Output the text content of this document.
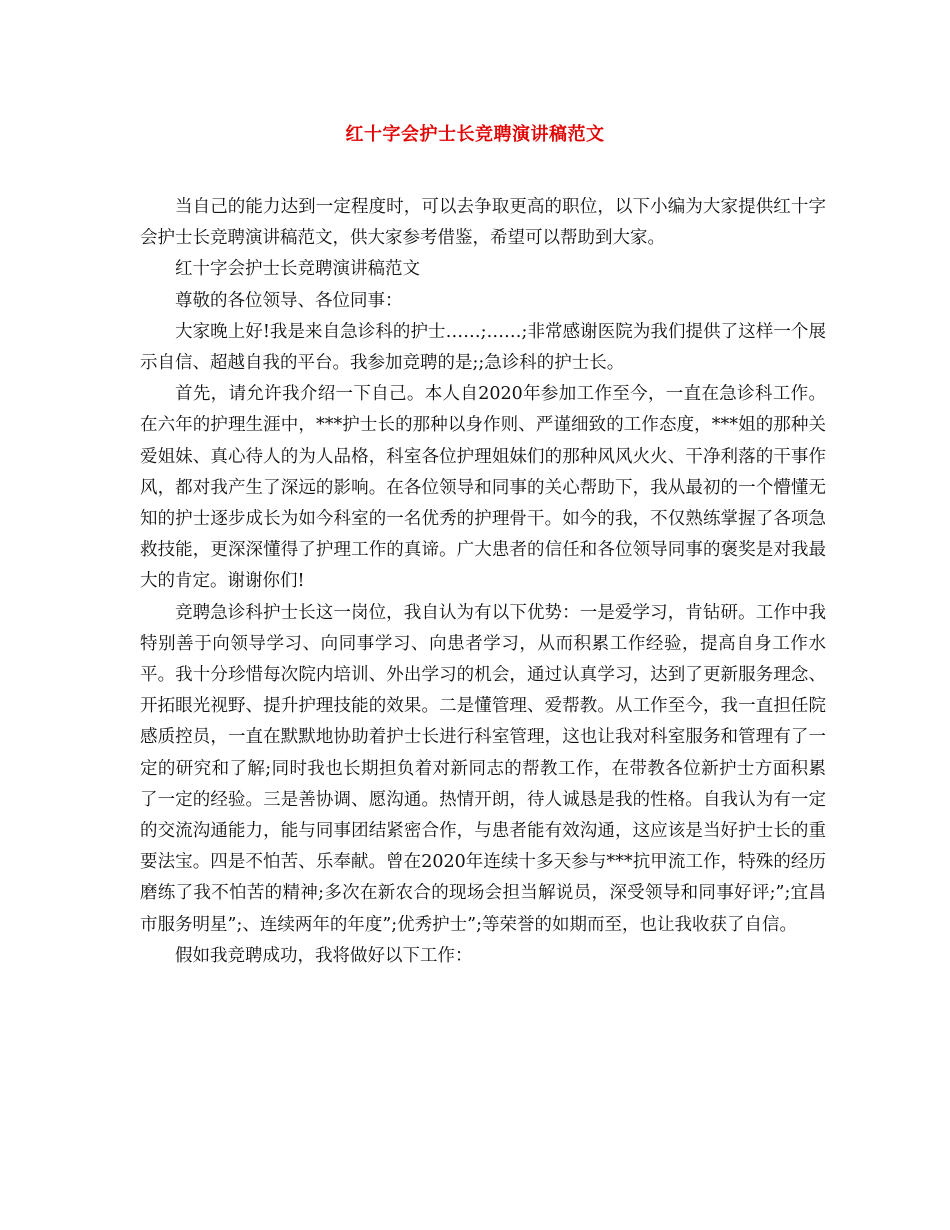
红十字会护士长竞聘演讲稿范文

当自己的能力达到一定程度时，可以去争取更高的职位，以下小编为大家提供红十字会护士长竞聘演讲稿范文，供大家参考借鉴，希望可以帮助到大家。

红十字会护士长竞聘演讲稿范文

尊敬的各位领导、各位同事：

大家晚上好!我是来自急诊科的护士……;……;非常感谢医院为我们提供了这样一个展示自信、超越自我的平台。我参加竞聘的是;;急诊科的护士长。

首先，请允许我介绍一下自己。本人自2020年参加工作至今，一直在急诊科工作。在六年的护理生涯中，***护士长的那种以身作则、严谨细致的工作态度，***姐的那种关爱姐妹、真心待人的为人品格，科室各位护理姐妹们的那种风风火火、干净利落的干事作风，都对我产生了深远的影响。在各位领导和同事的关心帮助下，我从最初的一个懵懂无知的护士逐步成长为如今科室的一名优秀的护理骨干。如今的我，不仅熟练掌握了各项急救技能，更深深懂得了护理工作的真谛。广大患者的信任和各位领导同事的褒奖是对我最大的肯定。谢谢你们!

竞聘急诊科护士长这一岗位，我自认为有以下优势：一是爱学习，肯钻研。工作中我特别善于向领导学习、向同事学习、向患者学习，从而积累工作经验，提高自身工作水平。我十分珍惜每次院内培训、外出学习的机会，通过认真学习，达到了更新服务理念、开拓眼光视野、提升护理技能的效果。二是懂管理、爱帮教。从工作至今，我一直担任院感质控员，一直在默默地协助着护士长进行科室管理，这也让我对科室服务和管理有了一定的研究和了解;同时我也长期担负着对新同志的帮教工作，在带教各位新护士方面积累了一定的经验。三是善协调、愿沟通。热情开朗，待人诚恳是我的性格。自我认为有一定的交流沟通能力，能与同事团结紧密合作，与患者能有效沟通，这应该是当好护士长的重要法宝。四是不怕苦、乐奉献。曾在2020年连续十多天参与***抗甲流工作，特殊的经历磨练了我不怕苦的精神;多次在新农合的现场会担当解说员，深受领导和同事好评;”;宜昌市服务明星”;、连续两年的年度”;优秀护士”;等荣誉的如期而至，也让我收获了自信。

假如我竞聘成功，我将做好以下工作：
